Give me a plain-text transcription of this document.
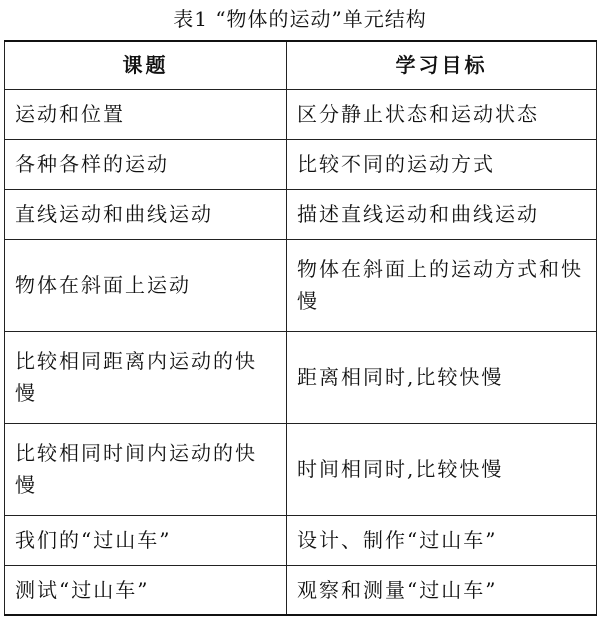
表1 “物体的运动”单元结构
课题	学习目标
运动和位置	区分静止状态和运动状态
各种各样的运动	比较不同的运动方式
直线运动和曲线运动	描述直线运动和曲线运动
物体在斜面上运动	物体在斜面上的运动方式和快慢
比较相同距离内运动的快慢	距离相同时,比较快慢
比较相同时间内运动的快慢	时间相同时,比较快慢
我们的“过山车”	设计、制作“过山车”
测试“过山车”	观察和测量“过山车”
